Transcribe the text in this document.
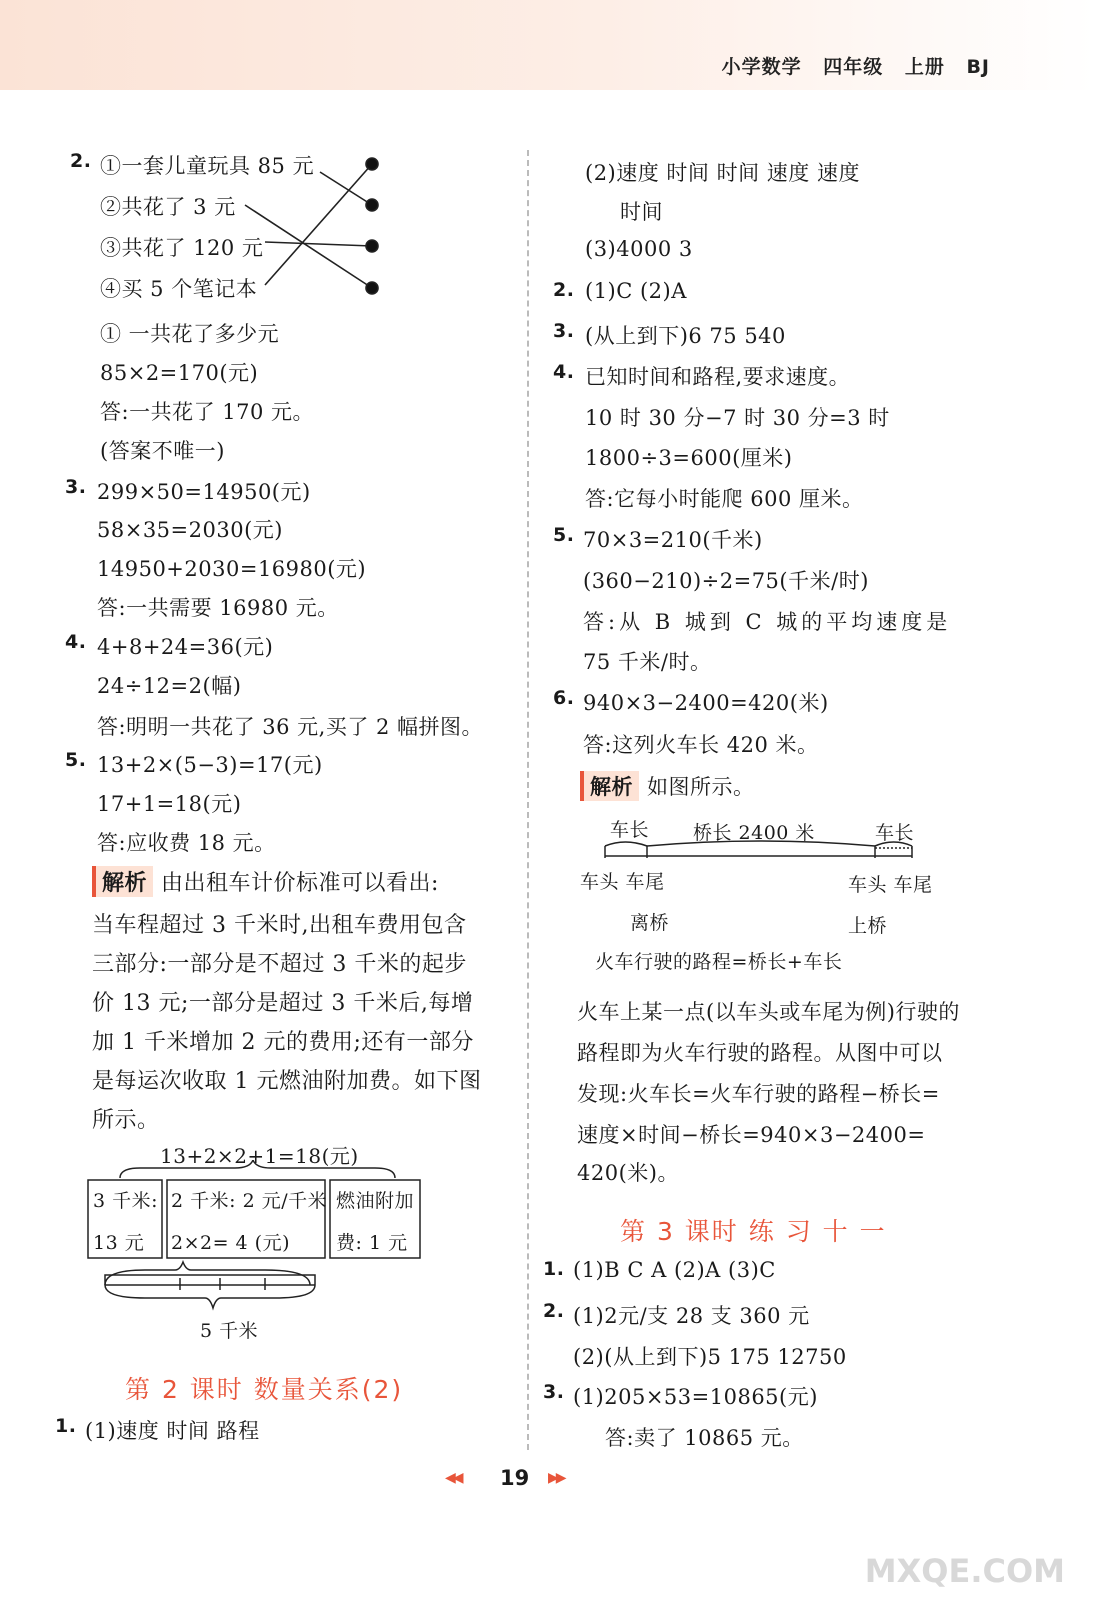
小学数学 四年级 上册 BJ
2. ①一套儿童玩具 85 元
②共花了 3 元
③共花了 120 元
④买 5 个笔记本
① 一共花了多少元
85×2=170(元)
答:一共花了 170 元。
(答案不唯一)
3. 299×50=14950(元)
58×35=2030(元)
14950+2030=16980(元)
答:一共需要 16980 元。
4. 4+8+24=36(元)
24÷12=2(幅)
答:明明一共花了 36 元,买了 2 幅拼图。
5. 13+2×(5−3)=17(元)
17+1=18(元)
答:应收费 18 元。
解析 由出租车计价标准可以看出:
当车程超过 3 千米时,出租车费用包含
三部分:一部分是不超过 3 千米的起步
价 13 元;一部分是超过 3 千米后,每增
加 1 千米增加 2 元的费用;还有一部分
是每运次收取 1 元燃油附加费。如下图
所示。
13+2×2+1=18(元)
3 千米:
13 元
2 千米: 2 元/千米
2×2= 4 (元)
燃油附加
费: 1 元
5 千米
第 2 课时 数量关系(2)
1. (1)速度 时间 路程
(2)速度 时间 时间 速度 速度
时间
(3)4000 3
2. (1)C (2)A
3. (从上到下)6 75 540
4. 已知时间和路程,要求速度。
10 时 30 分−7 时 30 分=3 时
1800÷3=600(厘米)
答:它每小时能爬 600 厘米。
5. 70×3=210(千米)
(360−210)÷2=75(千米/时)
答:从 B 城到 C 城的平均速度是
75 千米/时。
6. 940×3−2400=420(米)
答:这列火车长 420 米。
解析 如图所示。
车长 桥长 2400 米	车长
车头 车尾	车头 车尾
离桥	上桥
火车行驶的路程=桥长+车长
火车上某一点(以车头或车尾为例)行驶的
路程即为火车行驶的路程。从图中可以
发现:火车长=火车行驶的路程−桥长=
速度×时间−桥长=940×3−2400=
420(米)。
第 3 课时 练 习 十 一
1. (1)B C A (2)A (3)C
2. (1)2元/支 28 支 360 元
(2)(从上到下)5 175 12750
3. (1)205×53=10865(元)
答:卖了 10865 元。
◀◀ 19 ▶▶
MXQE.COM
